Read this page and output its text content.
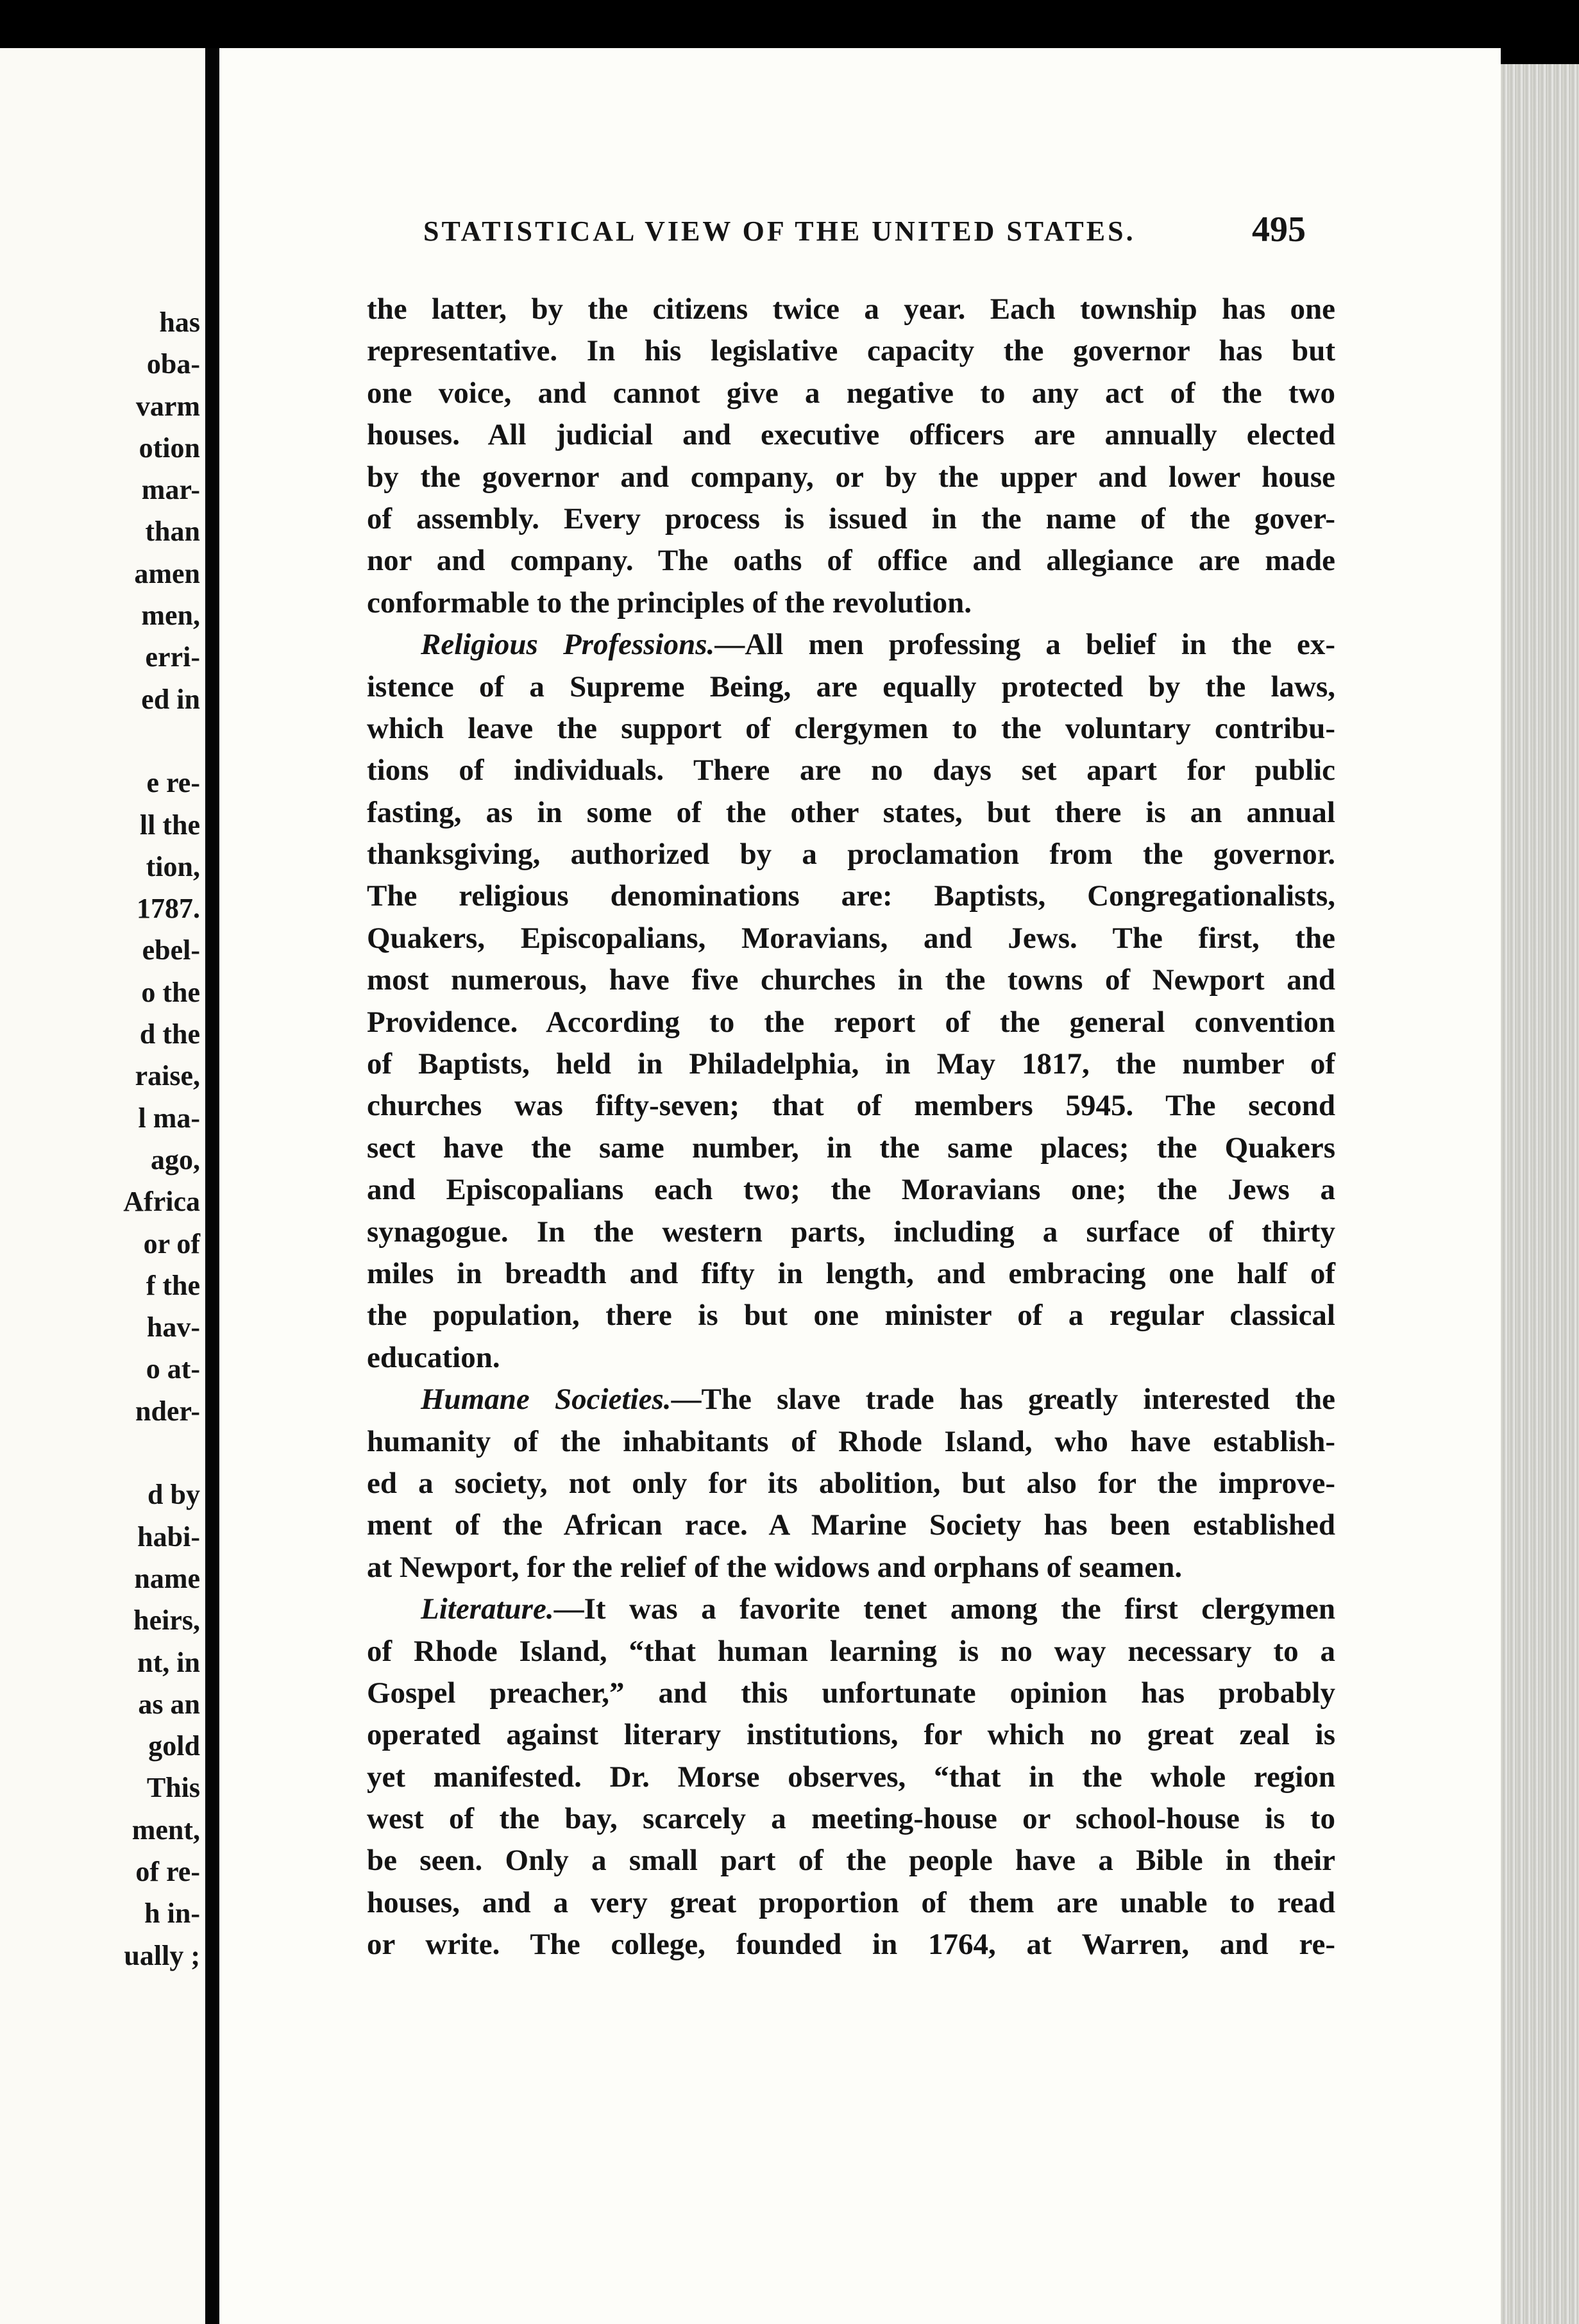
has
oba-
varm
otion
mar-
than
amen
men,
erri-
ed in

e re-
ll the
tion,
1787.
ebel-
o the
d the
raise,
l ma-
ago,
Africa
or of
f the
hav-
o at-
nder-

d by
habi-
name
heirs,
nt, in
as an
gold
This
ment,
of re-
h in-
ually ;
STATISTICAL VIEW OF THE UNITED STATES.	495
the latter, by the citizens twice a year. Each township has one
representative. In his legislative capacity the governor has but
one voice, and cannot give a negative to any act of the two
houses. All judicial and executive officers are annually elected
by the governor and company, or by the upper and lower house
of assembly. Every process is issued in the name of the gover-
nor and company. The oaths of office and allegiance are made
conformable to the principles of the revolution.
Religious Professions.—All men professing a belief in the ex-
istence of a Supreme Being, are equally protected by the laws,
which leave the support of clergymen to the voluntary contribu-
tions of individuals. There are no days set apart for public
fasting, as in some of the other states, but there is an annual
thanksgiving, authorized by a proclamation from the governor.
The religious denominations are: Baptists, Congregationalists,
Quakers, Episcopalians, Moravians, and Jews. The first, the
most numerous, have five churches in the towns of Newport and
Providence. According to the report of the general convention
of Baptists, held in Philadelphia, in May 1817, the number of
churches was fifty-seven; that of members 5945. The second
sect have the same number, in the same places; the Quakers
and Episcopalians each two; the Moravians one; the Jews a
synagogue. In the western parts, including a surface of thirty
miles in breadth and fifty in length, and embracing one half of
the population, there is but one minister of a regular classical
education.
Humane Societies.—The slave trade has greatly interested the
humanity of the inhabitants of Rhode Island, who have establish-
ed a society, not only for its abolition, but also for the improve-
ment of the African race. A Marine Society has been established
at Newport, for the relief of the widows and orphans of seamen.
Literature.—It was a favorite tenet among the first clergymen
of Rhode Island, “that human learning is no way necessary to a
Gospel preacher,” and this unfortunate opinion has probably
operated against literary institutions, for which no great zeal is
yet manifested. Dr. Morse observes, “that in the whole region
west of the bay, scarcely a meeting-house or school-house is to
be seen. Only a small part of the people have a Bible in their
houses, and a very great proportion of them are unable to read
or write. The college, founded in 1764, at Warren, and re-
